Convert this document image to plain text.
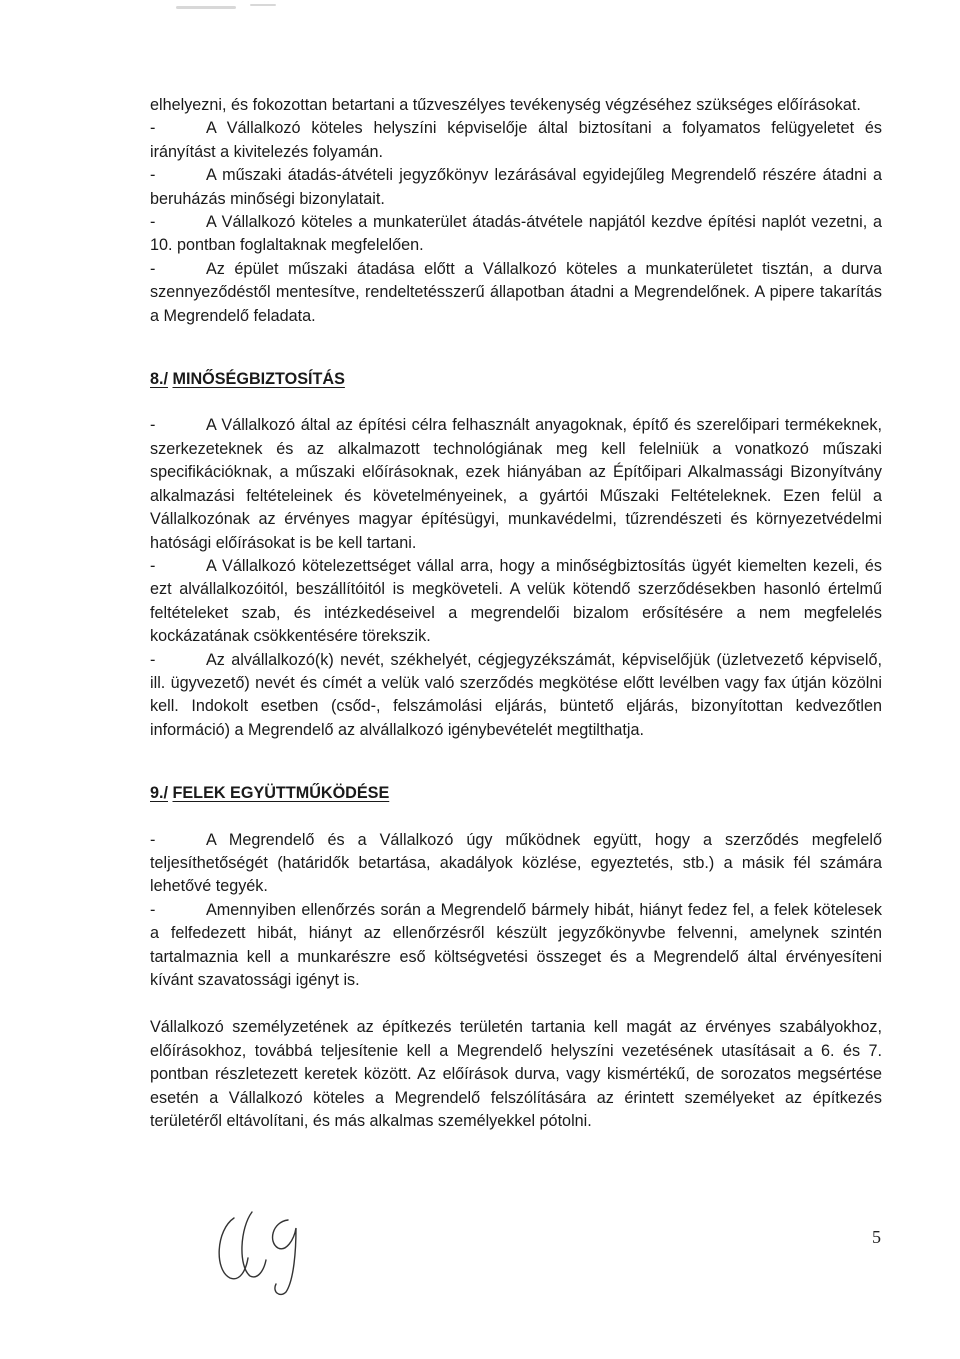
elhelyezni, és fokozottan betartani a tűzveszélyes tevékenység végzéséhez szükséges előírásokat.

-	A Vállalkozó köteles helyszíni képviselője által biztosítani a folyamatos felügyeletet és irányítást a kivitelezés folyamán.

-	A műszaki átadás-átvételi jegyzőkönyv lezárásával egyidejűleg Megrendelő részére átadni a beruházás minőségi bizonylatait.

-	A Vállalkozó köteles a munkaterület átadás-átvétele napjától kezdve építési naplót vezetni, a 10. pontban foglaltaknak megfelelően.

-	Az épület műszaki átadása előtt a Vállalkozó köteles a munkaterületet tisztán, a durva szennyeződéstől mentesítve, rendeltetésszerű állapotban átadni a Megrendelőnek. A pipere takarítás a Megrendelő feladata.

8./ MINŐSÉGBIZTOSÍTÁS

-	A Vállalkozó által az építési célra felhasznált anyagoknak, építő és szerelőipari termékeknek, szerkezeteknek és az alkalmazott technológiának meg kell felelniük a vonatkozó műszaki specifikációknak, a műszaki előírásoknak, ezek hiányában az Építőipari Alkalmassági Bizonyítvány alkalmazási feltételeinek és követelményeinek, a gyártói Műszaki Feltételeknek. Ezen felül a Vállalkozónak az érvényes magyar építésügyi, munkavédelmi, tűzrendészeti és környezetvédelmi hatósági előírásokat is be kell tartani.

-	A Vállalkozó kötelezettséget vállal arra, hogy a minőségbiztosítás ügyét kiemelten kezeli, és ezt alvállalkozóitól, beszállítóitól is megköveteli. A velük kötendő szerződésekben hasonló értelmű feltételeket szab, és intézkedéseivel a megrendelői bizalom erősítésére a nem megfelelés kockázatának csökkentésére törekszik.

-	Az alvállalkozó(k) nevét, székhelyét, cégjegyzékszámát, képviselőjük (üzletvezető képviselő, ill. ügyvezető) nevét és címét a velük való szerződés megkötése előtt levélben vagy fax útján közölni kell. Indokolt esetben (csőd-, felszámolási eljárás, büntető eljárás, bizonyítottan kedvezőtlen információ) a Megrendelő az alvállalkozó igénybevételét megtilthatja.

9./ FELEK EGYÜTTMŰKÖDÉSE

-	A Megrendelő és a Vállalkozó úgy működnek együtt, hogy a szerződés megfelelő teljesíthetőségét (határidők betartása, akadályok közlése, egyeztetés, stb.) a másik fél számára lehetővé tegyék.

-	Amennyiben ellenőrzés során a Megrendelő bármely hibát, hiányt fedez fel, a felek kötelesek a felfedezett hibát, hiányt az ellenőrzésről készült jegyzőkönyvbe felvenni, amelynek szintén tartalmaznia kell a munkarészre eső költségvetési összeget és a Megrendelő által érvényesíteni kívánt szavatossági igényt is.

Vállalkozó személyzetének az építkezés területén tartania kell magát az érvényes szabályokhoz, előírásokhoz, továbbá teljesítenie kell a Megrendelő helyszíni vezetésének utasításait a 6. és 7. pontban részletezett keretek között. Az előírások durva, vagy kismértékű, de sorozatos megsértése esetén a Vállalkozó köteles a Megrendelő felszólítására az érintett személyeket az építkezés területéről eltávolítani, és más alkalmas személyekkel pótolni.

5
